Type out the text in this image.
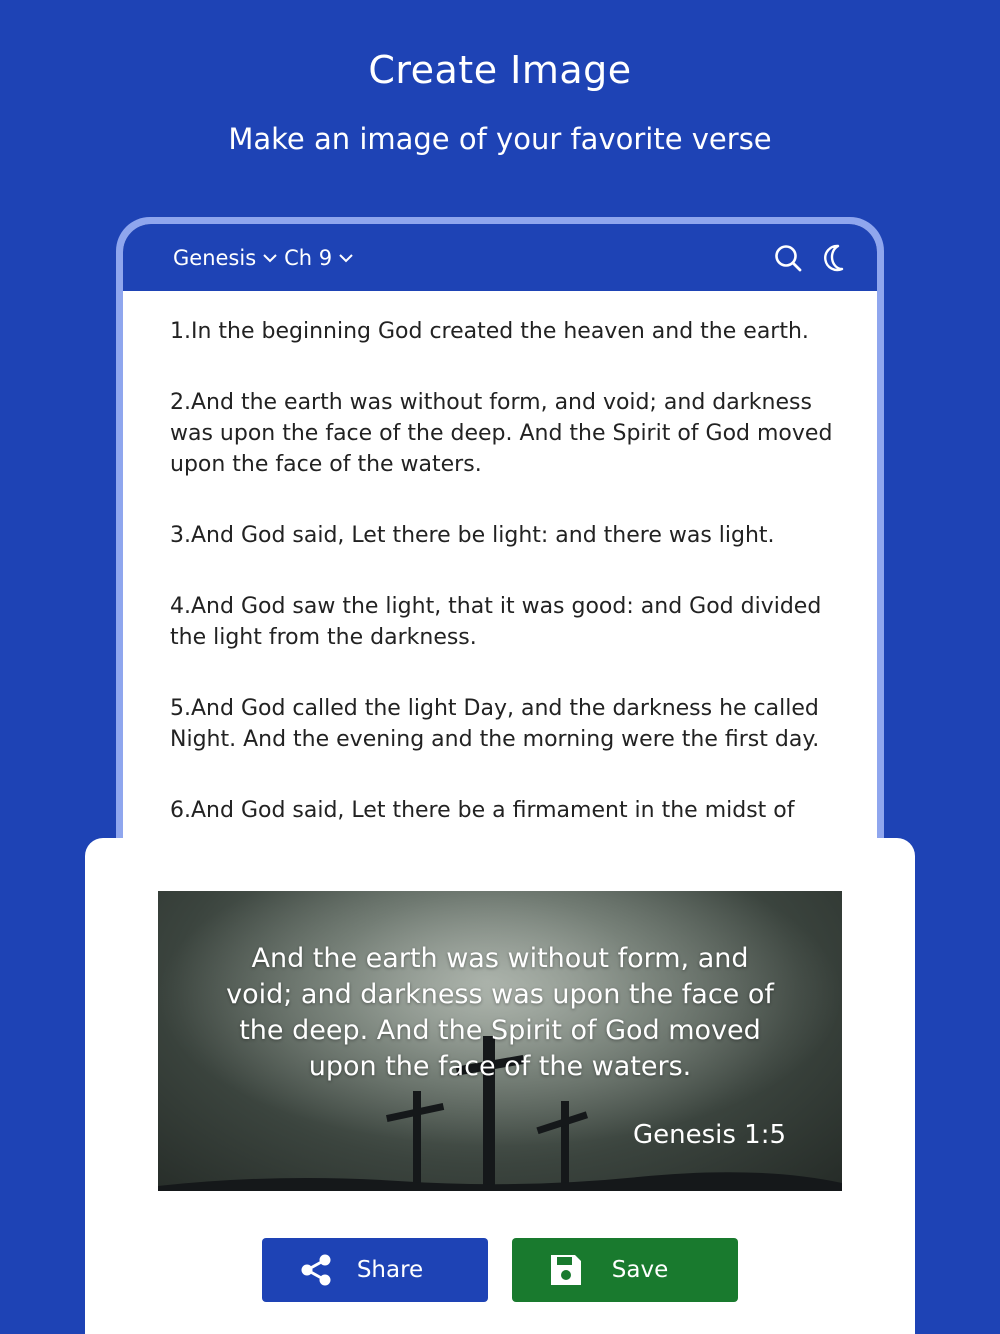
Create Image
Make an image of your favorite verse
Genesis Ch 9

1.In the beginning God created the heaven and the earth.

2.And the earth was without form, and void; and darkness was upon the face of the deep. And the Spirit of God moved upon the face of the waters.

3.And God said, Let there be light: and there was light.

4.And God saw the light, that it was good: and God divided the light from the darkness.

5.And God called the light Day, and the darkness he called Night. And the evening and the morning were the first day.

6.And God said, Let there be a firmament in the midst of

And the earth was without form, and void; and darkness was upon the face of the deep. And the Spirit of God moved upon the face of the waters.
Genesis 1:5
Share	Save
